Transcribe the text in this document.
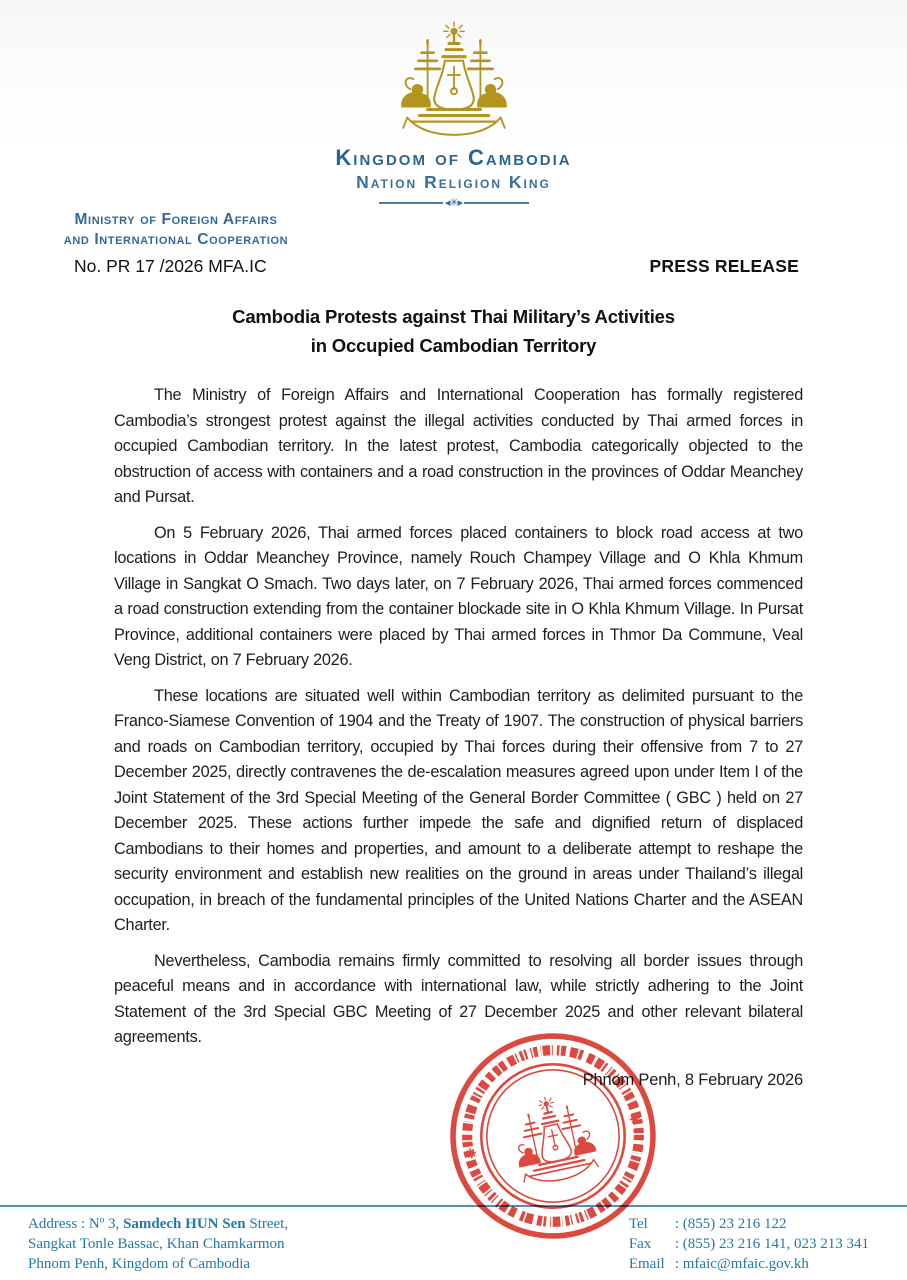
Kingdom of Cambodia
Nation Religion King
◂✳▸
Ministry of Foreign Affairs
and International Cooperation
No. PR 17 /2026 MFA.IC	PRESS RELEASE
Cambodia Protests against Thai Military’s Activities
in Occupied Cambodian Territory

The Ministry of Foreign Affairs and International Cooperation has formally registered Cambodia’s strongest protest against the illegal activities conducted by Thai armed forces in occupied Cambodian territory. In the latest protest, Cambodia categorically objected to the obstruction of access with containers and a road construction in the provinces of Oddar Meanchey and Pursat.

On 5 February 2026, Thai armed forces placed containers to block road access at two locations in Oddar Meanchey Province, namely Rouch Champey Village and O Khla Khmum Village in Sangkat O Smach. Two days later, on 7 February 2026, Thai armed forces commenced a road construction extending from the container blockade site in O Khla Khmum Village. In Pursat Province, additional containers were placed by Thai armed forces in Thmor Da Commune, Veal Veng District, on 7 February 2026.

These locations are situated well within Cambodian territory as delimited pursuant to the Franco-Siamese Convention of 1904 and the Treaty of 1907. The construction of physical barriers and roads on Cambodian territory, occupied by Thai forces during their offensive from 7 to 27 December 2025, directly contravenes the de-escalation measures agreed upon under Item I of the Joint Statement of the 3rd Special Meeting of the General Border Committee ( GBC ) held on 27 December 2025. These actions further impede the safe and dignified return of displaced Cambodians to their homes and properties, and amount to a deliberate attempt to reshape the security environment and establish new realities on the ground in areas under Thailand’s illegal occupation, in breach of the fundamental principles of the United Nations Charter and the ASEAN Charter.

Nevertheless, Cambodia remains firmly committed to resolving all border issues through peaceful means and in accordance with international law, while strictly adhering to the Joint Statement of the 3rd Special GBC Meeting of 27 December 2025 and other relevant bilateral agreements.

Phnom Penh, 8 February 2026
Address : Nº 3, Samdech HUN Sen Street,
Sangkat Tonle Bassac, Khan Chamkarmon
Phnom Penh, Kingdom of Cambodia
Tel	: (855) 23 216 122
Fax	: (855) 23 216 141, 023 213 341
Email : mfaic@mfaic.gov.kh
